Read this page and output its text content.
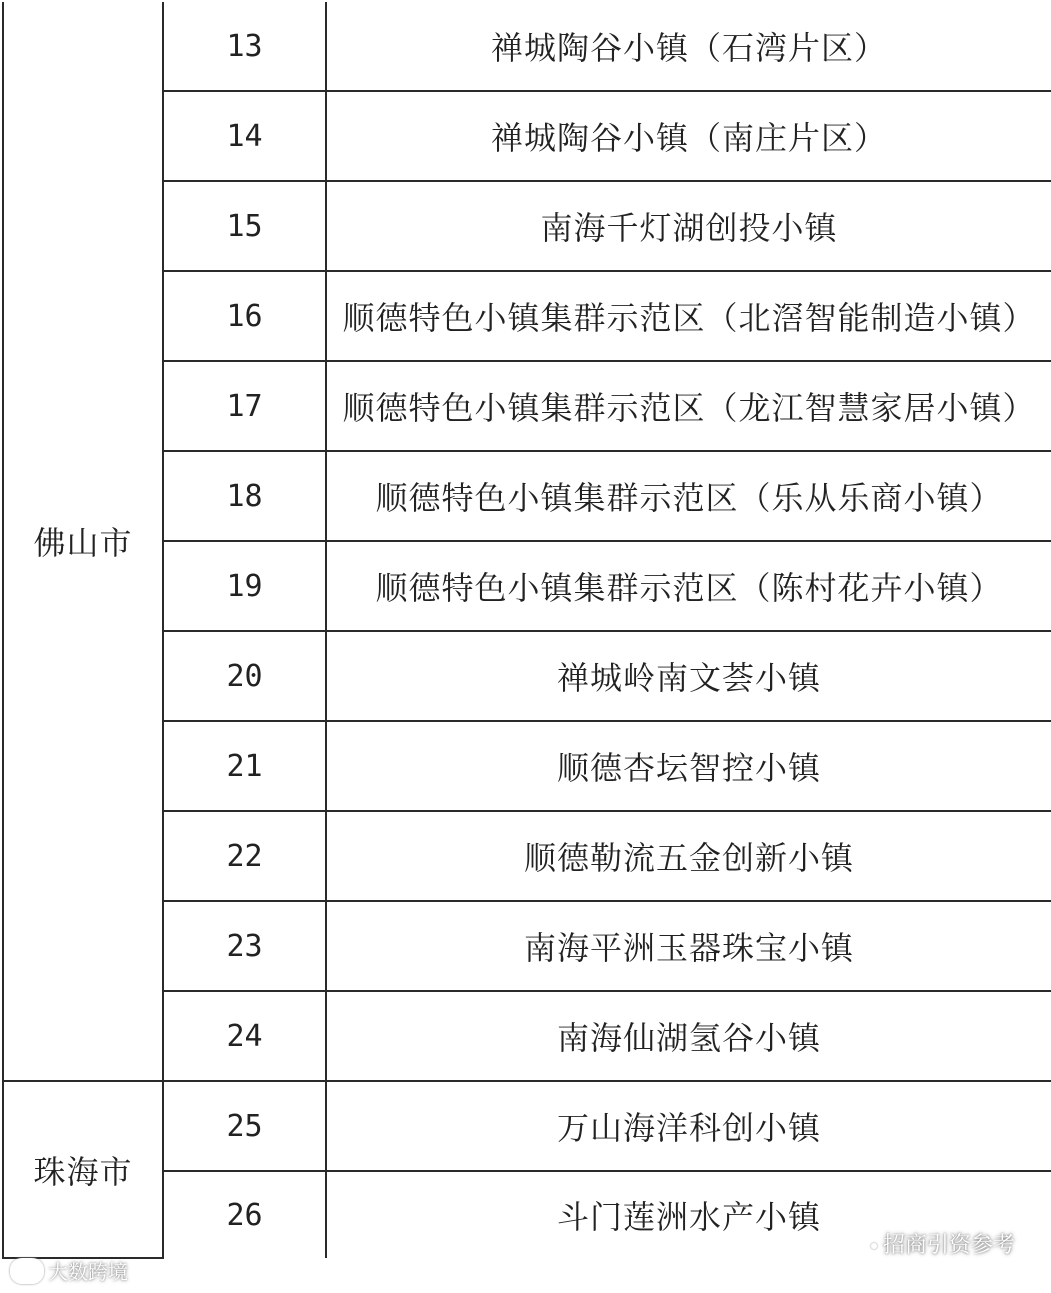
佛山市	13	禅城陶谷小镇（石湾片区）
	14	禅城陶谷小镇（南庄片区）
	15	南海千灯湖创投小镇
	16	顺德特色小镇集群示范区（北滘智能制造小镇）
	17	顺德特色小镇集群示范区（龙江智慧家居小镇）
	18	顺德特色小镇集群示范区（乐从乐商小镇）
	19	顺德特色小镇集群示范区（陈村花卉小镇）
	20	禅城岭南文荟小镇
	21	顺德杏坛智控小镇
	22	顺德勒流五金创新小镇
	23	南海平洲玉器珠宝小镇
	24	南海仙湖氢谷小镇
珠海市	25	万山海洋科创小镇
	26	斗门莲洲水产小镇
大数跨境
招商引资参考
